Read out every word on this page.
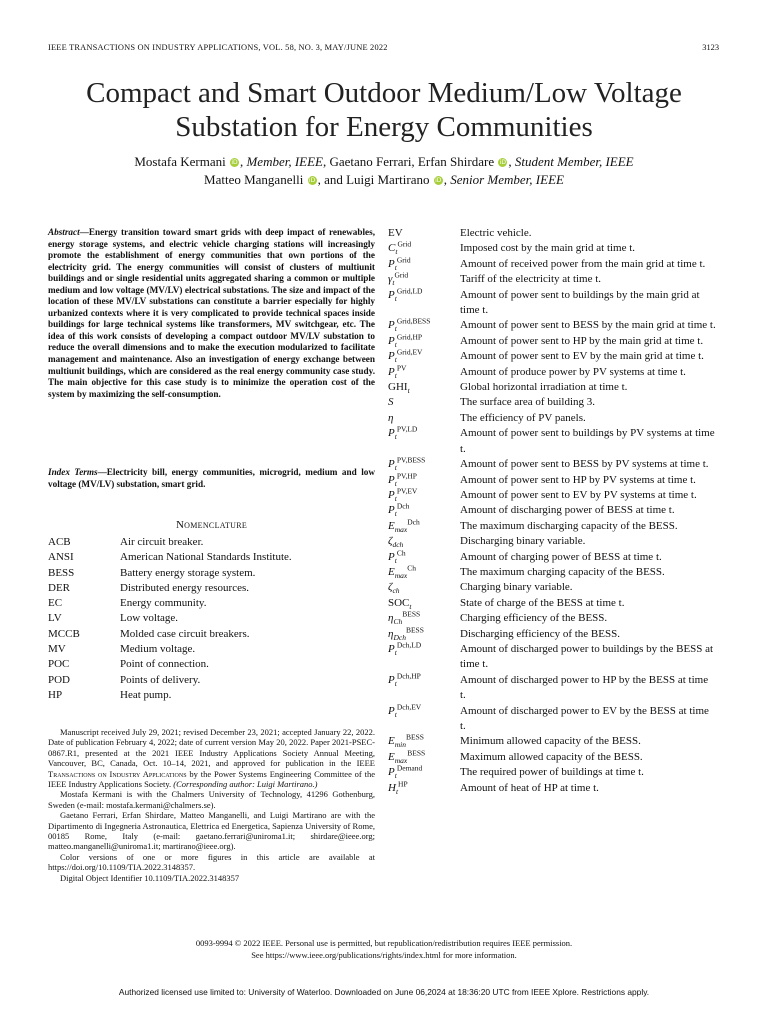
IEEE TRANSACTIONS ON INDUSTRY APPLICATIONS, VOL. 58, NO. 3, MAY/JUNE 2022	3123
Compact and Smart Outdoor Medium/Low Voltage
Substation for Energy Communities
Mostafa Kermani iD , Member, IEEE, Gaetano Ferrari, Erfan Shirdare iD , Student Member, IEEE
Matteo Manganelli iD , and Luigi Martirano iD , Senior Member, IEEE
Abstract—Energy transition toward smart grids with deep impact of renewables, energy storage systems, and electric vehicle charging stations will increasingly promote the establishment of energy communities that own portions of the electricity grid. The energy communities will consist of clusters of multiunit buildings and or single residential units aggregated sharing a common or multiple medium and low voltage (MV/LV) electrical substations. The size and impact of the location of these MV/LV substations can constitute a barrier especially for highly urbanized contexts where it is very complicated to provide technical spaces inside buildings for large technical systems like transformers, MV switchgear, etc. The idea of this work consists of developing a compact outdoor MV/LV substation to reduce the overall dimensions and to make the execution modularized to facilitate management and maintenance. Also an investigation of energy exchange between multiunit buildings, which are considered as the real energy community case study. The main objective for this case study is to minimize the operation cost of the system by maximizing the self-consumption.
Index Terms—Electricity bill, energy communities, microgrid, medium and low voltage (MV/LV) substation, smart grid.
Nomenclature
ACB	Air circuit breaker.
ANSI	American National Standards Institute.
BESS	Battery energy storage system.
DER	Distributed energy resources.
EC	Energy community.
LV	Low voltage.
MCCB	Molded case circuit breakers.
MV	Medium voltage.
POC	Point of connection.
POD	Points of delivery.
HP	Heat pump.

Manuscript received July 29, 2021; revised December 23, 2021; accepted January 22, 2022. Date of publication February 4, 2022; date of current version May 20, 2022. Paper 2021-PSEC-0867.R1, presented at the 2021 IEEE Industry Applications Society Annual Meeting, Vancouver, BC, Canada, Oct. 10–14, 2021, and approved for publication in the IEEE Transactions on Industry Applications by the Power Systems Engineering Committee of the IEEE Industry Applications Society. (Corresponding author: Luigi Martirano.)

Mostafa Kermani is with the Chalmers University of Technology, 41296 Gothenburg, Sweden (e-mail: mostafa.kermani@chalmers.se).

Gaetano Ferrari, Erfan Shirdare, Matteo Manganelli, and Luigi Martirano are with the Dipartimento di Ingegneria Astronautica, Elettrica ed Energetica, Sapienza University of Rome, 00185 Rome, Italy (e-mail: gaetano.ferrari@uniroma1.it; shirdare@ieee.org; matteo.manganelli@uniroma1.it; martirano@ieee.org).

Color versions of one or more figures in this article are available at https://doi.org/10.1109/TIA.2022.3148357.

Digital Object Identifier 10.1109/TIA.2022.3148357

EV	Electric vehicle.
$C_t^{Grid}$	Imposed cost by the main grid at time t.
$P_t^{Grid}$	Amount of received power from the main grid at time t.
$\gamma_t^{Grid}$	Tariff of the electricity at time t.
$P_t^{Grid,LD}$	Amount of power sent to buildings by the main grid at time t.
$P_t^{Grid,BESS}$	Amount of power sent to BESS by the main grid at time t.
$P_t^{Grid,HP}$	Amount of power sent to HP by the main grid at time t.
$P_t^{Grid,EV}$	Amount of power sent to EV by the main grid at time t.
$P_t^{PV}$	Amount of produce power by PV systems at time t.
$GHI_t$	Global horizontal irradiation at time t.
S	The surface area of building 3.
η	The efficiency of PV panels.
$P_t^{PV,LD}$	Amount of power sent to buildings by PV systems at time t.
$P_t^{PV,BESS}$	Amount of power sent to BESS by PV systems at time t.
$P_t^{PV,HP}$	Amount of power sent to HP by PV systems at time t.
$P_t^{PV,EV}$	Amount of power sent to EV by PV systems at time t.
$P_t^{Dch}$	Amount of discharging power of BESS at time t.
$E_{max}^{Dch}$	The maximum discharging capacity of the BESS.
$\zeta_{dch}$	Discharging binary variable.
$P_t^{Ch}$	Amount of charging power of BESS at time t.
$E_{max}^{Ch}$	The maximum charging capacity of the BESS.
$\zeta_{ch}$	Charging binary variable.
$SOC_t$	State of charge of the BESS at time t.
$\eta_{Ch}^{BESS}$	Charging efficiency of the BESS.
$\eta_{Dch}^{BESS}$	Discharging efficiency of the BESS.
$P_t^{Dch,LD}$	Amount of discharged power to buildings by the BESS at time t.
$P_t^{Dch,HP}$	Amount of discharged power to HP by the BESS at time t.
$P_t^{Dch,EV}$	Amount of discharged power to EV by the BESS at time t.
$E_{min}^{BESS}$	Minimum allowed capacity of the BESS.
$E_{max}^{BESS}$	Maximum allowed capacity of the BESS.
$P_t^{Demand}$	The required power of buildings at time t.
$H_t^{HP}$	Amount of heat of HP at time t.
0093-9994 © 2022 IEEE. Personal use is permitted, but republication/redistribution requires IEEE permission.
See https://www.ieee.org/publications/rights/index.html for more information.
Authorized licensed use limited to: University of Waterloo. Downloaded on June 06,2024 at 18:36:20 UTC from IEEE Xplore. Restrictions apply.
